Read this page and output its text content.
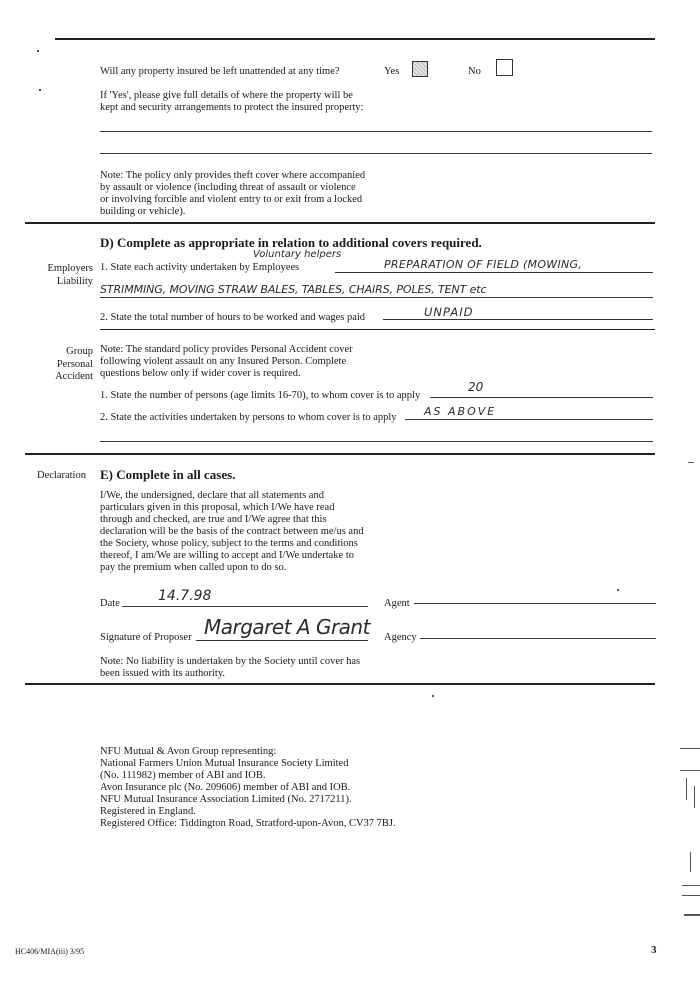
Will any property insured be left unattended at any time?	Yes	No
If 'Yes', please give full details of where the property will be
kept and security arrangements to protect the insured property:
Note: The policy only provides theft cover where accompanied
by assault or violence (including threat of assault or violence
or involving forcible and violent entry to or exit from a locked
building or vehicle).
D) Complete as appropriate in relation to additional covers required.
Employers
Liability
1. State each activity undertaken by Employees
Voluntary helpers
PREPARATION OF FIELD (MOWING,
STRIMMING, MOVING STRAW BALES, TABLES, CHAIRS, POLES, TENT etc
2. State the total number of hours to be worked and wages paid	UNPAID
Group
Personal
Accident
Note: The standard policy provides Personal Accident cover
following violent assault on any Insured Person. Complete
questions below only if wider cover is required.
1. State the number of persons (age limits 16-70), to whom cover is to apply
20
2. State the activities undertaken by persons to whom cover is to apply AS ABOVE
Declaration E) Complete in all cases.
I/We, the undersigned, declare that all statements and
particulars given in this proposal, which I/We have read
through and checked, are true and I/We agree that this
declaration will be the basis of the contract between me/us and
the Society, whose policy, subject to the terms and conditions
thereof, I am/We are willing to accept and I/We undertake to
pay the premium when called upon to do so.
Date	14.7.98	Agent
Signature of Proposer Margaret A Grant Agency
Note: No liability is undertaken by the Society until cover has
been issued with its authority.
NFU Mutual & Avon Group representing:
National Farmers Union Mutual Insurance Society Limited
(No. 111982) member of ABI and IOB.
Avon Insurance plc (No. 209606) member of ABI and IOB.
NFU Mutual Insurance Association Limited (No. 2717211).
Registered in England.
Registered Office: Tiddington Road, Stratford-upon-Avon, CV37 7BJ.
HC406/MIA(iii) 3/95	3
